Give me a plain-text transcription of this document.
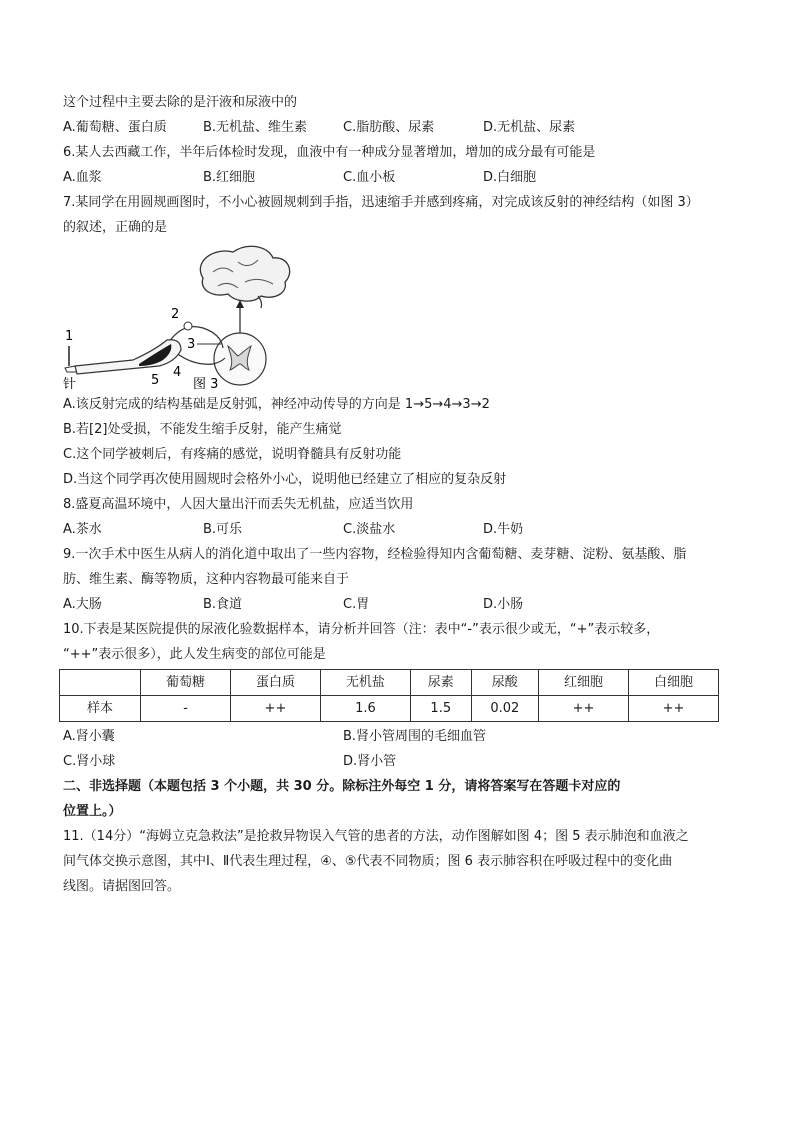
这个过程中主要去除的是汗液和尿液中的
A.葡萄糖、蛋白质	B.无机盐、维生素	C.脂肪酸、尿素	D.无机盐、尿素
6.某人去西藏工作，半年后体检时发现，血液中有一种成分显著增加，增加的成分最有可能是
A.血浆	B.红细胞	C.血小板	D.白细胞
7.某同学在用圆规画图时，不小心被圆规刺到手指，迅速缩手并感到疼痛，对完成该反射的神经结构（如图 3）
的叙述，正确的是
1
2
3
4
5
针	图 3
A.该反射完成的结构基础是反射弧，神经冲动传导的方向是 1→5→4→3→2
B.若[2]处受损，不能发生缩手反射，能产生痛觉
C.这个同学被刺后，有疼痛的感觉，说明脊髓具有反射功能
D.当这个同学再次使用圆规时会格外小心，说明他已经建立了相应的复杂反射
8.盛夏高温环境中，人因大量出汗而丢失无机盐，应适当饮用
A.茶水	B.可乐	C.淡盐水	D.牛奶
9.一次手术中医生从病人的消化道中取出了一些内容物，经检验得知内含葡萄糖、麦芽糖、淀粉、氨基酸、脂
肪、维生素、酶等物质，这种内容物最可能来自于
A.大肠	B.食道	C.胃	D.小肠
10.下表是某医院提供的尿液化验数据样本，请分析并回答（注：表中“-”表示很少或无，“+”表示较多，
“++”表示很多），此人发生病变的部位可能是
	葡萄糖	蛋白质	无机盐	尿素	尿酸	红细胞	白细胞
样本	-	++	1.6	1.5	0.02	++	++
A.肾小囊	B.肾小管周围的毛细血管
C.肾小球	D.肾小管
二、非选择题（本题包括 3 个小题，共 30 分。除标注外每空 1 分，请将答案写在答题卡对应的
位置上。）
11.（14分）“海姆立克急救法”是抢救异物误入气管的患者的方法，动作图解如图 4；图 5 表示肺泡和血液之
间气体交换示意图，其中Ⅰ、Ⅱ代表生理过程，④、⑤代表不同物质；图 6 表示肺容积在呼吸过程中的变化曲
线图。请据图回答。
